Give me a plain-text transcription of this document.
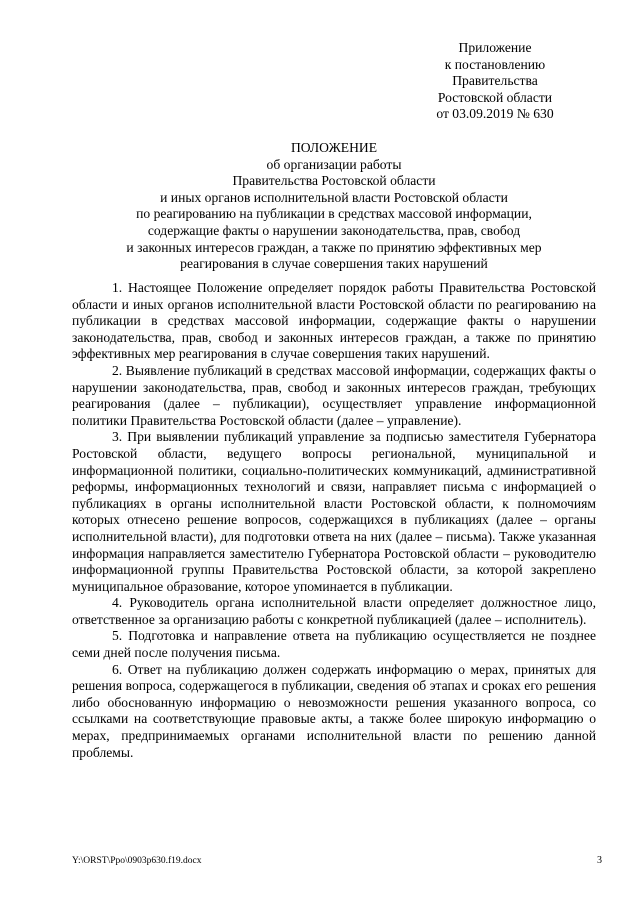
Приложение
к постановлению
Правительства
Ростовской области
от 03.09.2019 № 630
ПОЛОЖЕНИЕ
об организации работы
Правительства Ростовской области
и иных органов исполнительной власти Ростовской области
по реагированию на публикации в средствах массовой информации,
содержащие факты о нарушении законодательства, прав, свобод
и законных интересов граждан, а также по принятию эффективных мер
реагирования в случае совершения таких нарушений

1. Настоящее Положение определяет порядок работы Правительства Ростовской области и иных органов исполнительной власти Ростовской области по реагированию на публикации в средствах массовой информации, содержащие факты о нарушении законодательства, прав, свобод и законных интересов граждан, а также по принятию эффективных мер реагирования в случае совершения таких нарушений.

2. Выявление публикаций в средствах массовой информации, содержащих факты о нарушении законодательства, прав, свобод и законных интересов граждан, требующих реагирования (далее – публикации), осуществляет управление информационной политики Правительства Ростовской области (далее – управление).

3. При выявлении публикаций управление за подписью заместителя Губернатора Ростовской области, ведущего вопросы региональной, муниципальной и информационной политики, социально-политических коммуникаций, административной реформы, информационных технологий и связи, направляет письма с информацией о публикациях в органы исполнительной власти Ростовской области, к полномочиям которых отнесено решение вопросов, содержащихся в публикациях (далее – органы исполнительной власти), для подготовки ответа на них (далее – письма). Также указанная информация направляется заместителю Губернатора Ростовской области – руководителю информационной группы Правительства Ростовской области, за которой закреплено муниципальное образование, которое упоминается в публикации.

4. Руководитель органа исполнительной власти определяет должностное лицо, ответственное за организацию работы с конкретной публикацией (далее – исполнитель).

5. Подготовка и направление ответа на публикацию осуществляется не позднее семи дней после получения письма.

6. Ответ на публикацию должен содержать информацию о мерах, принятых для решения вопроса, содержащегося в публикации, сведения об этапах и сроках его решения либо обоснованную информацию о невозможности решения указанного вопроса, со ссылками на соответствующие правовые акты, а также более широкую информацию о мерах, предпринимаемых органами исполнительной власти по решению данной проблемы.

Y:\ORST\Ppo\0903p630.f19.docx	3
